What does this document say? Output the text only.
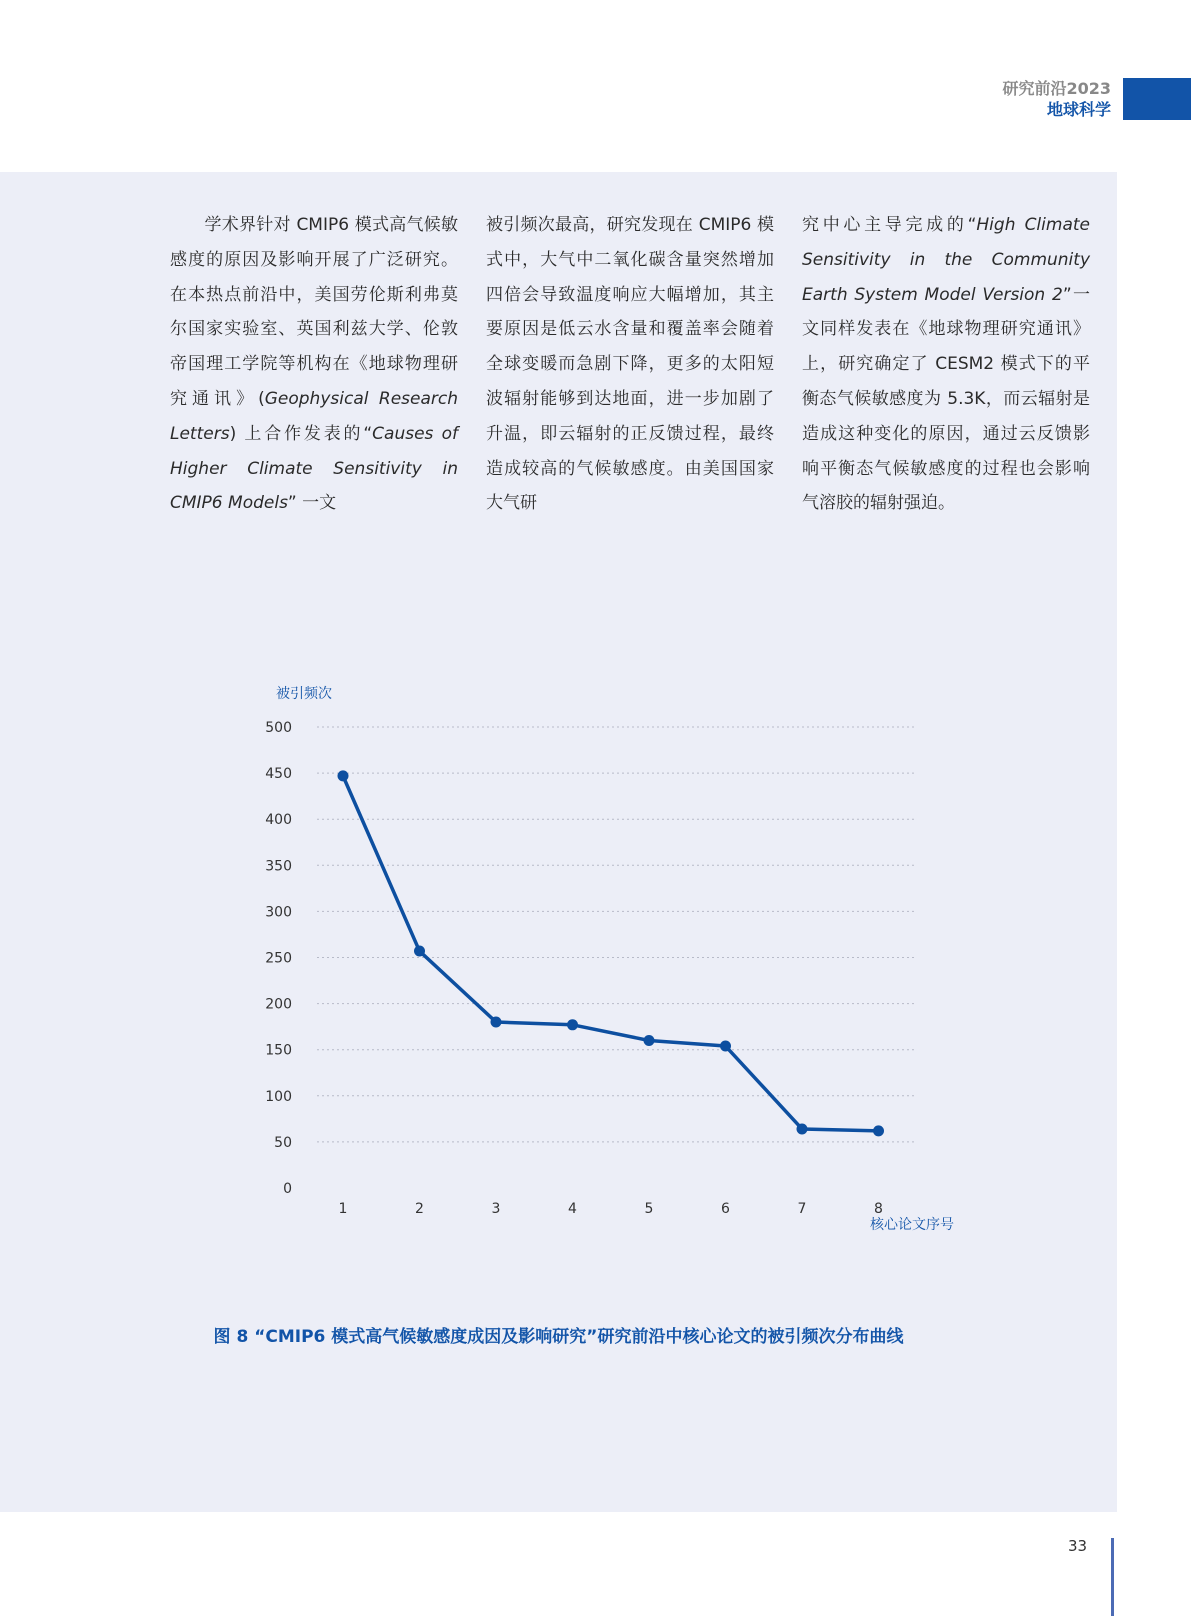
研究前沿2023
地球科学
　　学术界针对 CMIP6 模式高气候敏感度的原因及影响开展了广泛研究。在本热点前沿中，美国劳伦斯利弗莫尔国家实验室、英国利兹大学、伦敦帝国理工学院等机构在《地球物理研究通讯》(Geophysical Research Letters) 上合作发表的“Causes of Higher Climate Sensitivity in CMIP6 Models” 一文
被引频次最高，研究发现在 CMIP6 模式中，大气中二氧化碳含量突然增加四倍会导致温度响应大幅增加，其主要原因是低云水含量和覆盖率会随着全球变暖而急剧下降，更多的太阳短波辐射能够到达地面，进一步加剧了升温，即云辐射的正反馈过程，最终造成较高的气候敏感度。由美国国家大气研
究中心主导完成的“High Climate Sensitivity in the Community Earth System Model Version 2”一文同样发表在《地球物理研究通讯》上，研究确定了 CESM2 模式下的平衡态气候敏感度为 5.3K，而云辐射是造成这种变化的原因，通过云反馈影响平衡态气候敏感度的过程也会影响气溶胶的辐射强迫。
0
50
100
150
200
250
300
350
400
450
500
1	2	3	4	5	6	7	8
被引频次
核心论文序号
图 8 “CMIP6 模式高气候敏感度成因及影响研究”研究前沿中核心论文的被引频次分布曲线
33
